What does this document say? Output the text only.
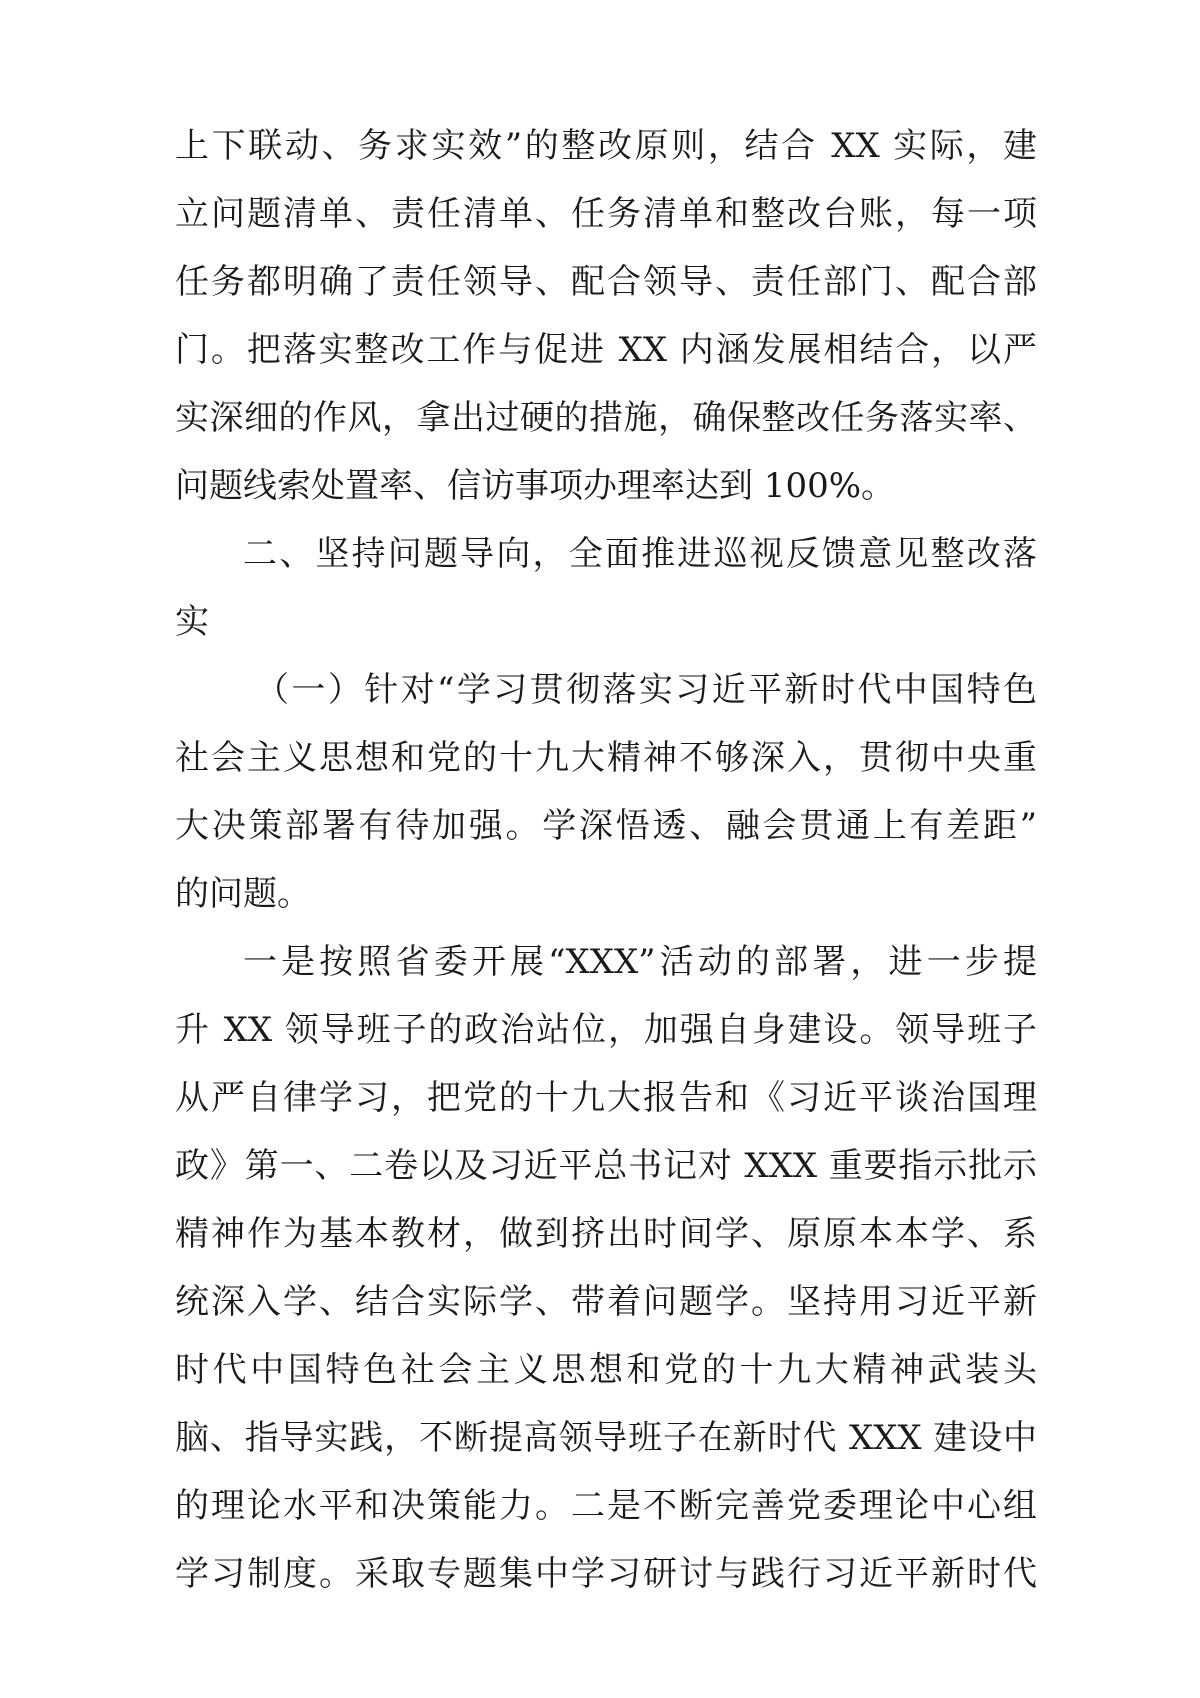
上下联动、务求实效”的整改原则，结合 XX 实际，建
立问题清单、责任清单、任务清单和整改台账，每一项
任务都明确了责任领导、配合领导、责任部门、配合部
门。把落实整改工作与促进 XX 内涵发展相结合，以严
实深细的作风，拿出过硬的措施，确保整改任务落实率、
问题线索处置率、信访事项办理率达到 100%。
二、坚持问题导向，全面推进巡视反馈意见整改落
实
（一）针对“学习贯彻落实习近平新时代中国特色
社会主义思想和党的十九大精神不够深入，贯彻中央重
大决策部署有待加强。学深悟透、融会贯通上有差距”
的问题。
一是按照省委开展“XXX”活动的部署，进一步提
升 XX 领导班子的政治站位，加强自身建设。领导班子
从严自律学习，把党的十九大报告和《习近平谈治国理
政》第一、二卷以及习近平总书记对 XXX 重要指示批示
精神作为基本教材，做到挤出时间学、原原本本学、系
统深入学、结合实际学、带着问题学。坚持用习近平新
时代中国特色社会主义思想和党的十九大精神武装头
脑、指导实践，不断提高领导班子在新时代 XXX 建设中
的理论水平和决策能力。二是不断完善党委理论中心组
学习制度。采取专题集中学习研讨与践行习近平新时代
